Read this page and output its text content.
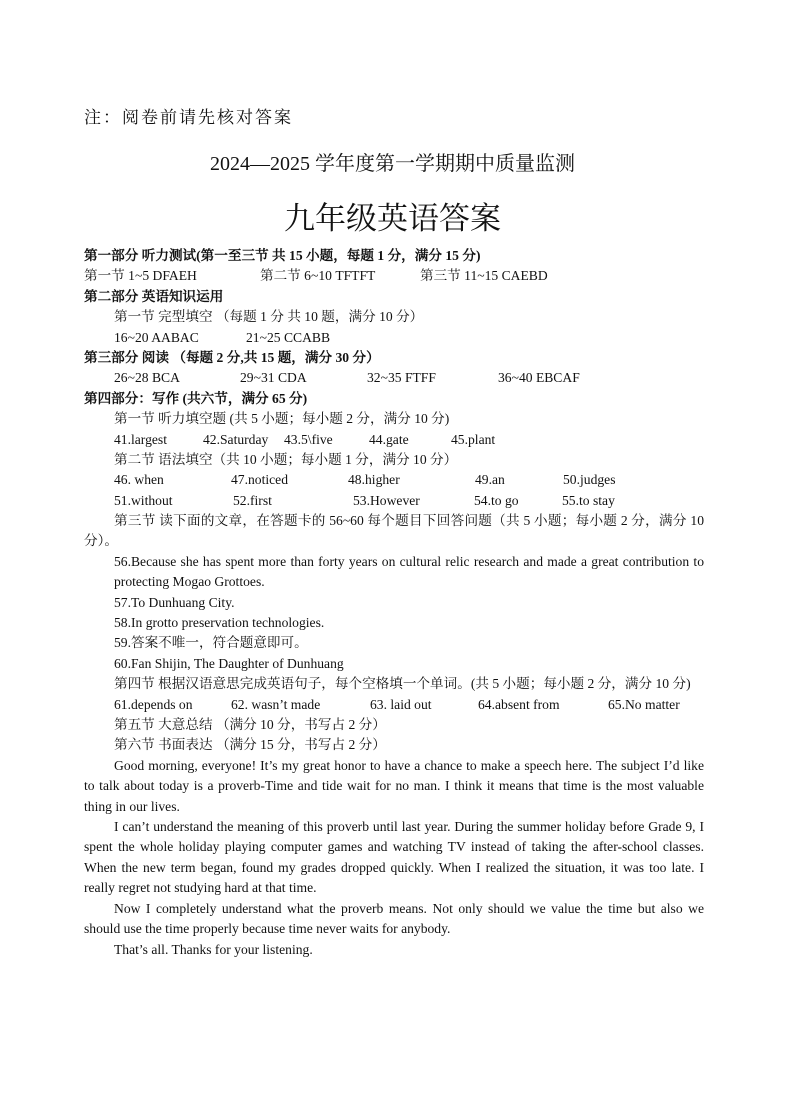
注：阅卷前请先核对答案
2024—2025 学年度第一学期期中质量监测
九年级英语答案
第一部分 听力测试(第一至三节 共 15 小题，每题 1 分，满分 15 分)
第一节 1~5 DFAEH	第二节 6~10 TFTFT	第三节 11~15 CAEBD
第二部分 英语知识运用
第一节 完型填空 （每题 1 分 共 10 题，满分 10 分）
16~20 AABAC	21~25 CCABB
第三部分 阅读 （每题 2 分,共 15 题，满分 30 分）
26~28 BCA	29~31 CDA	32~35 FTFF	36~40 EBCAF
第四部分：写作 (共六节，满分 65 分)
第一节 听力填空题 (共 5 小题；每小题 2 分，满分 10 分)
41.largest	42.Saturday	43.5\five	44.gate	45.plant
第二节 语法填空（共 10 小题；每小题 1 分，满分 10 分）
46. when	47.noticed	48.higher	49.an	50.judges
51.without	52.first	53.However	54.to go	55.to stay
第三节 读下面的文章，在答题卡的 56~60 每个题目下回答问题（共 5 小题；每小题 2 分，满分 10 分）。
56.Because she has spent more than forty years on cultural relic research and made a great contribution to protecting Mogao Grottoes.
57.To Dunhuang City.
58.In grotto preservation technologies.
59.答案不唯一，符合题意即可。
60.Fan Shijin, The Daughter of Dunhuang
第四节 根据汉语意思完成英语句子，每个空格填一个单词。(共 5 小题；每小题 2 分，满分 10 分)
61.depends on	62. wasn’t made	63. laid out	64.absent from	65.No matter
第五节 大意总结 （满分 10 分，书写占 2 分）
第六节 书面表达 （满分 15 分，书写占 2 分）
Good morning, everyone! It’s my great honor to have a chance to make a speech here. The subject I’d like to talk about today is a proverb-Time and tide wait for no man. I think it means that time is the most valuable thing in our lives.
I can’t understand the meaning of this proverb until last year. During the summer holiday before Grade 9, I spent the whole holiday playing computer games and watching TV instead of taking the after-school classes. When the new term began, found my grades dropped quickly. When I realized the situation, it was too late. I really regret not studying hard at that time.
Now I completely understand what the proverb means. Not only should we value the time but also we should use the time properly because time never waits for anybody.
That’s all. Thanks for your listening.
